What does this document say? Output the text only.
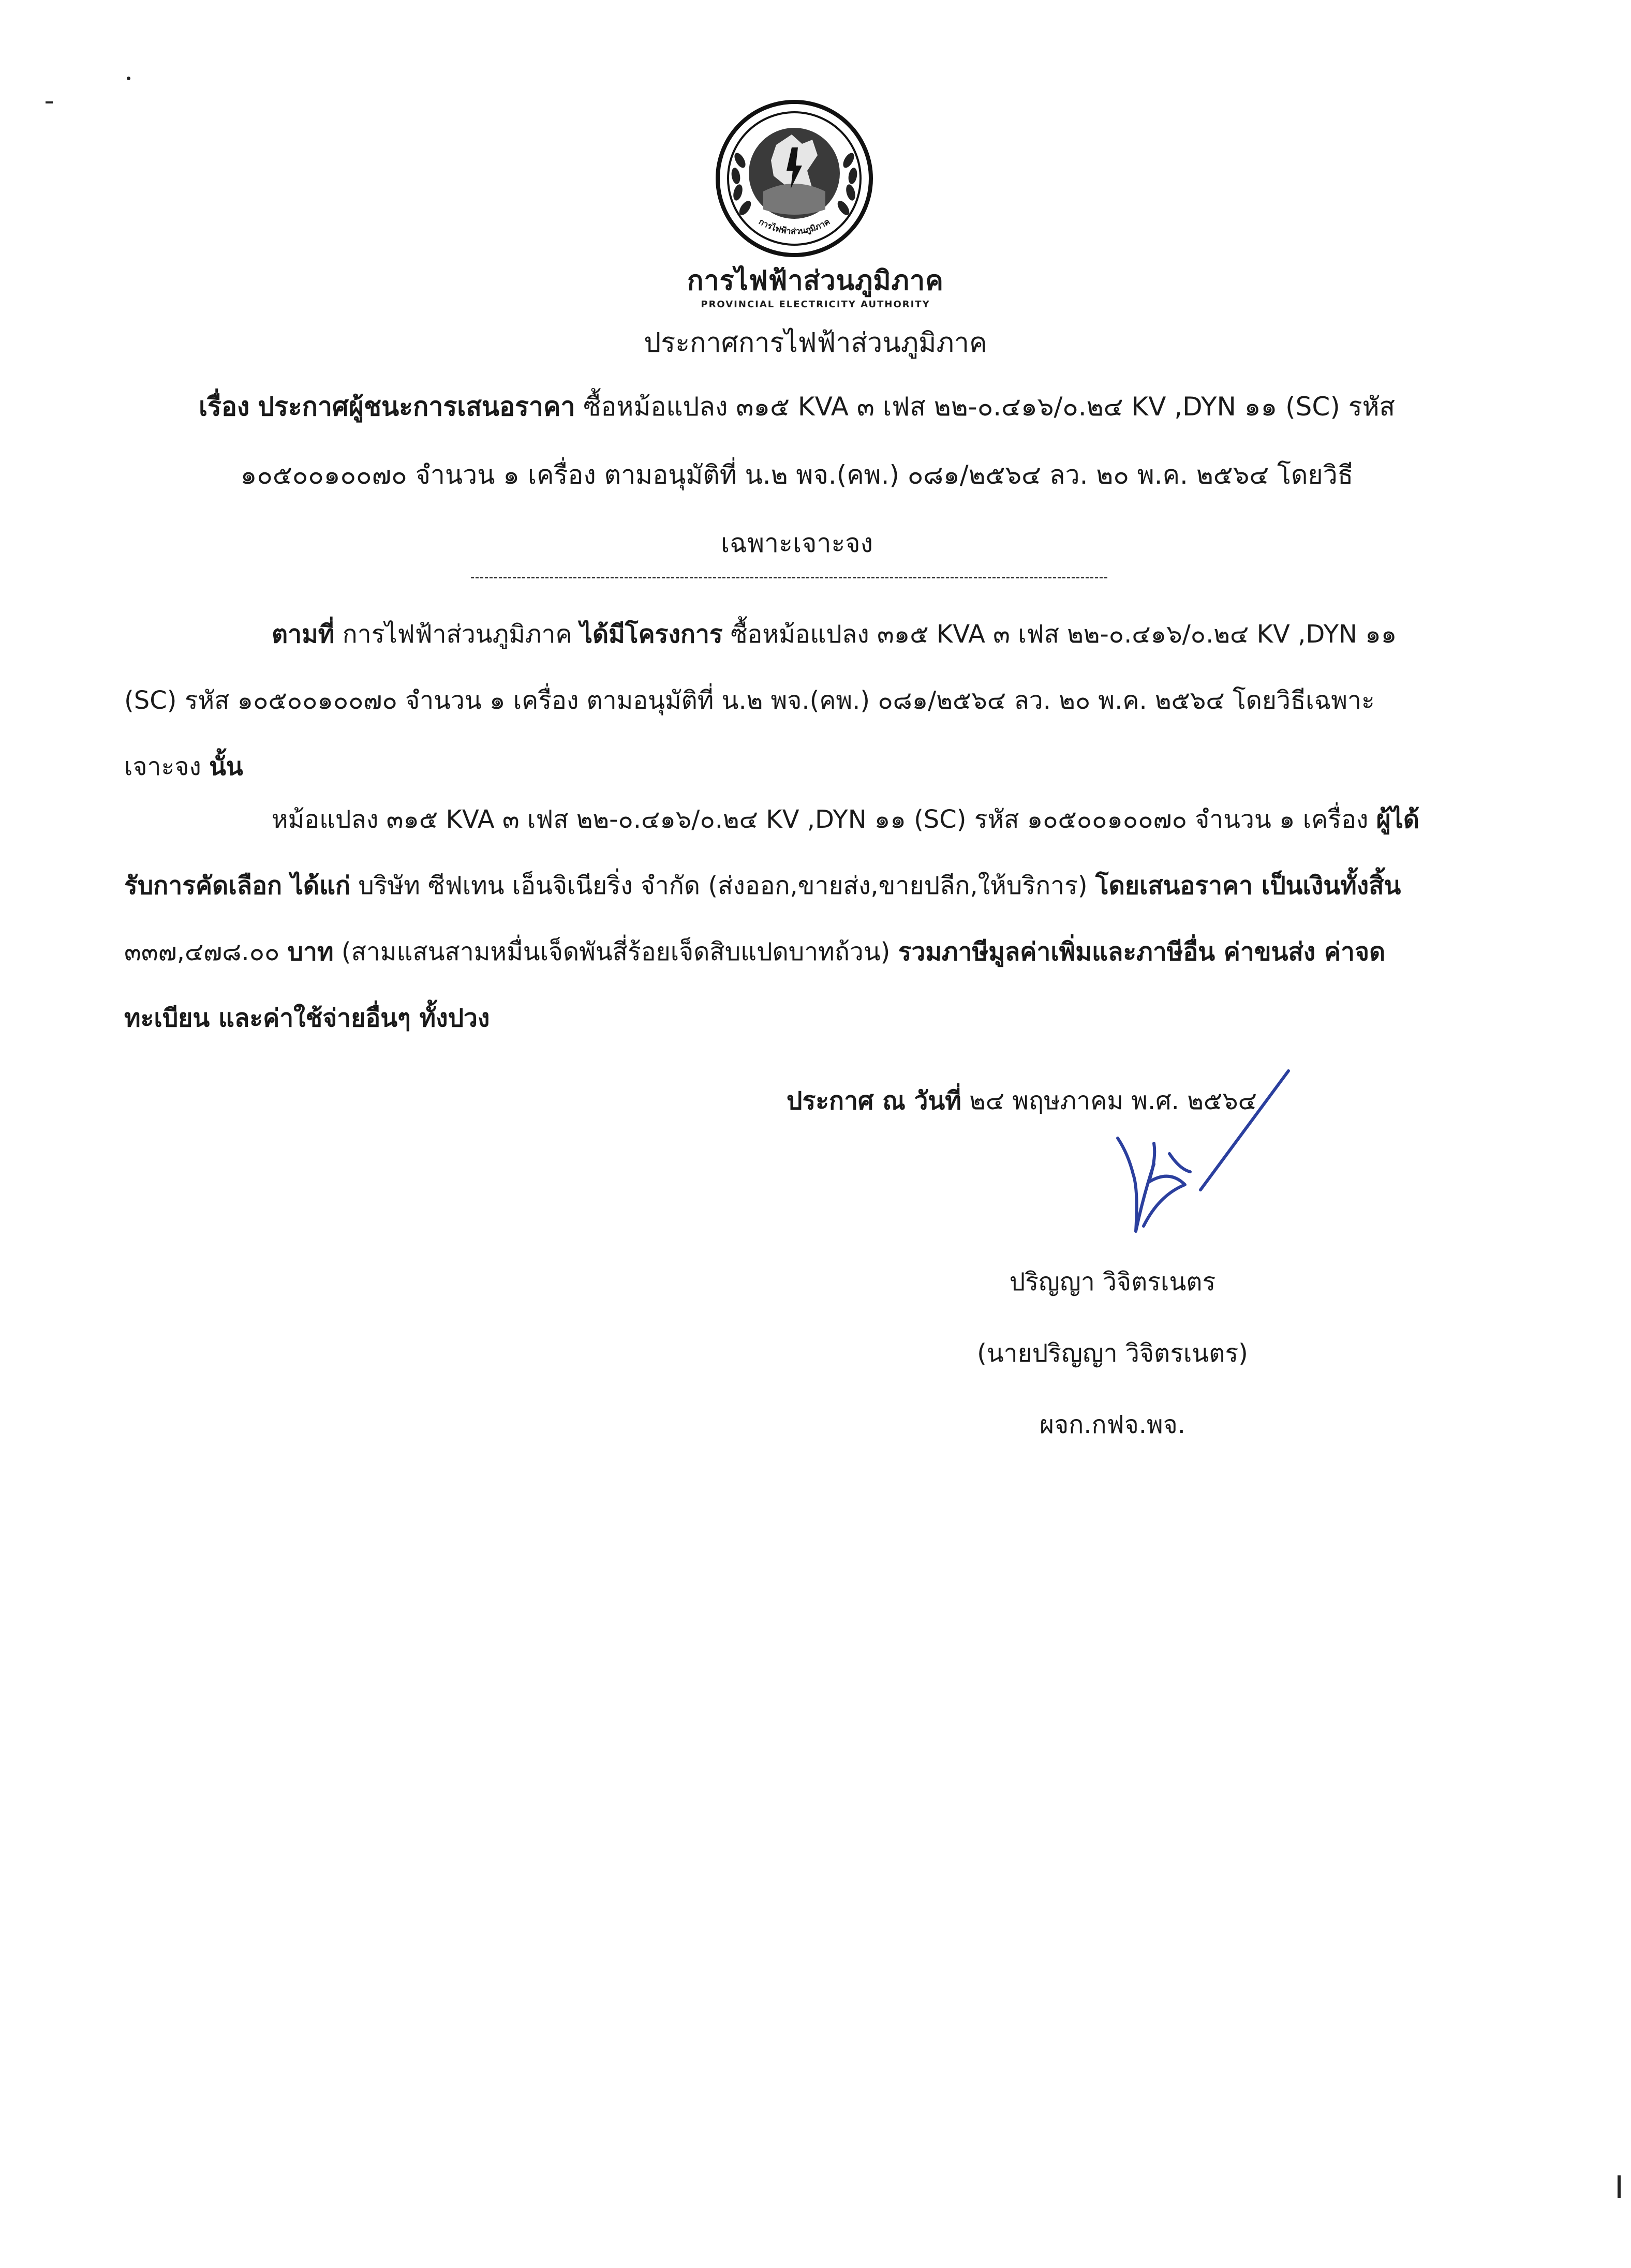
การไฟฟ้าส่วนภูมิภาค
การไฟฟ้าส่วนภูมิภาค
PROVINCIAL ELECTRICITY AUTHORITY
ประกาศการไฟฟ้าส่วนภูมิภาค
เรื่อง ประกาศผู้ชนะการเสนอราคา ซื้อหม้อแปลง ๓๑๕ KVA ๓ เฟส ๒๒-๐.๔๑๖/๐.๒๔ KV ,DYN ๑๑ (SC) รหัส
๑๐๕๐๐๑๐๐๗๐ จำนวน ๑ เครื่อง ตามอนุมัติที่ น.๒ พจ.(คพ.) ๐๘๑/๒๕๖๔ ลว. ๒๐ พ.ค. ๒๕๖๔ โดยวิธี
เฉพาะเจาะจง
ตามที่ การไฟฟ้าส่วนภูมิภาค ได้มีโครงการ ซื้อหม้อแปลง ๓๑๕ KVA ๓ เฟส ๒๒-๐.๔๑๖/๐.๒๔ KV ,DYN ๑๑ (SC) รหัส ๑๐๕๐๐๑๐๐๗๐ จำนวน ๑ เครื่อง ตามอนุมัติที่ น.๒ พจ.(คพ.) ๐๘๑/๒๕๖๔ ลว. ๒๐ พ.ค. ๒๕๖๔ โดยวิธีเฉพาะเจาะจง นั้น
หม้อแปลง ๓๑๕ KVA ๓ เฟส ๒๒-๐.๔๑๖/๐.๒๔ KV ,DYN ๑๑ (SC) รหัส ๑๐๕๐๐๑๐๐๗๐ จำนวน ๑ เครื่อง ผู้ได้รับการคัดเลือก ได้แก่ บริษัท ซีฟเทน เอ็นจิเนียริ่ง จำกัด (ส่งออก,ขายส่ง,ขายปลีก,ให้บริการ) โดยเสนอราคา เป็นเงินทั้งสิ้น ๓๓๗,๔๗๘.๐๐ บาท (สามแสนสามหมื่นเจ็ดพันสี่ร้อยเจ็ดสิบแปดบาทถ้วน) รวมภาษีมูลค่าเพิ่มและภาษีอื่น ค่าขนส่ง ค่าจดทะเบียน และค่าใช้จ่ายอื่นๆ ทั้งปวง
ประกาศ ณ วันที่ ๒๔ พฤษภาคม พ.ศ. ๒๕๖๔
ปริญญา วิจิตรเนตร
(นายปริญญา วิจิตรเนตร)
ผจก.กฟจ.พจ.
